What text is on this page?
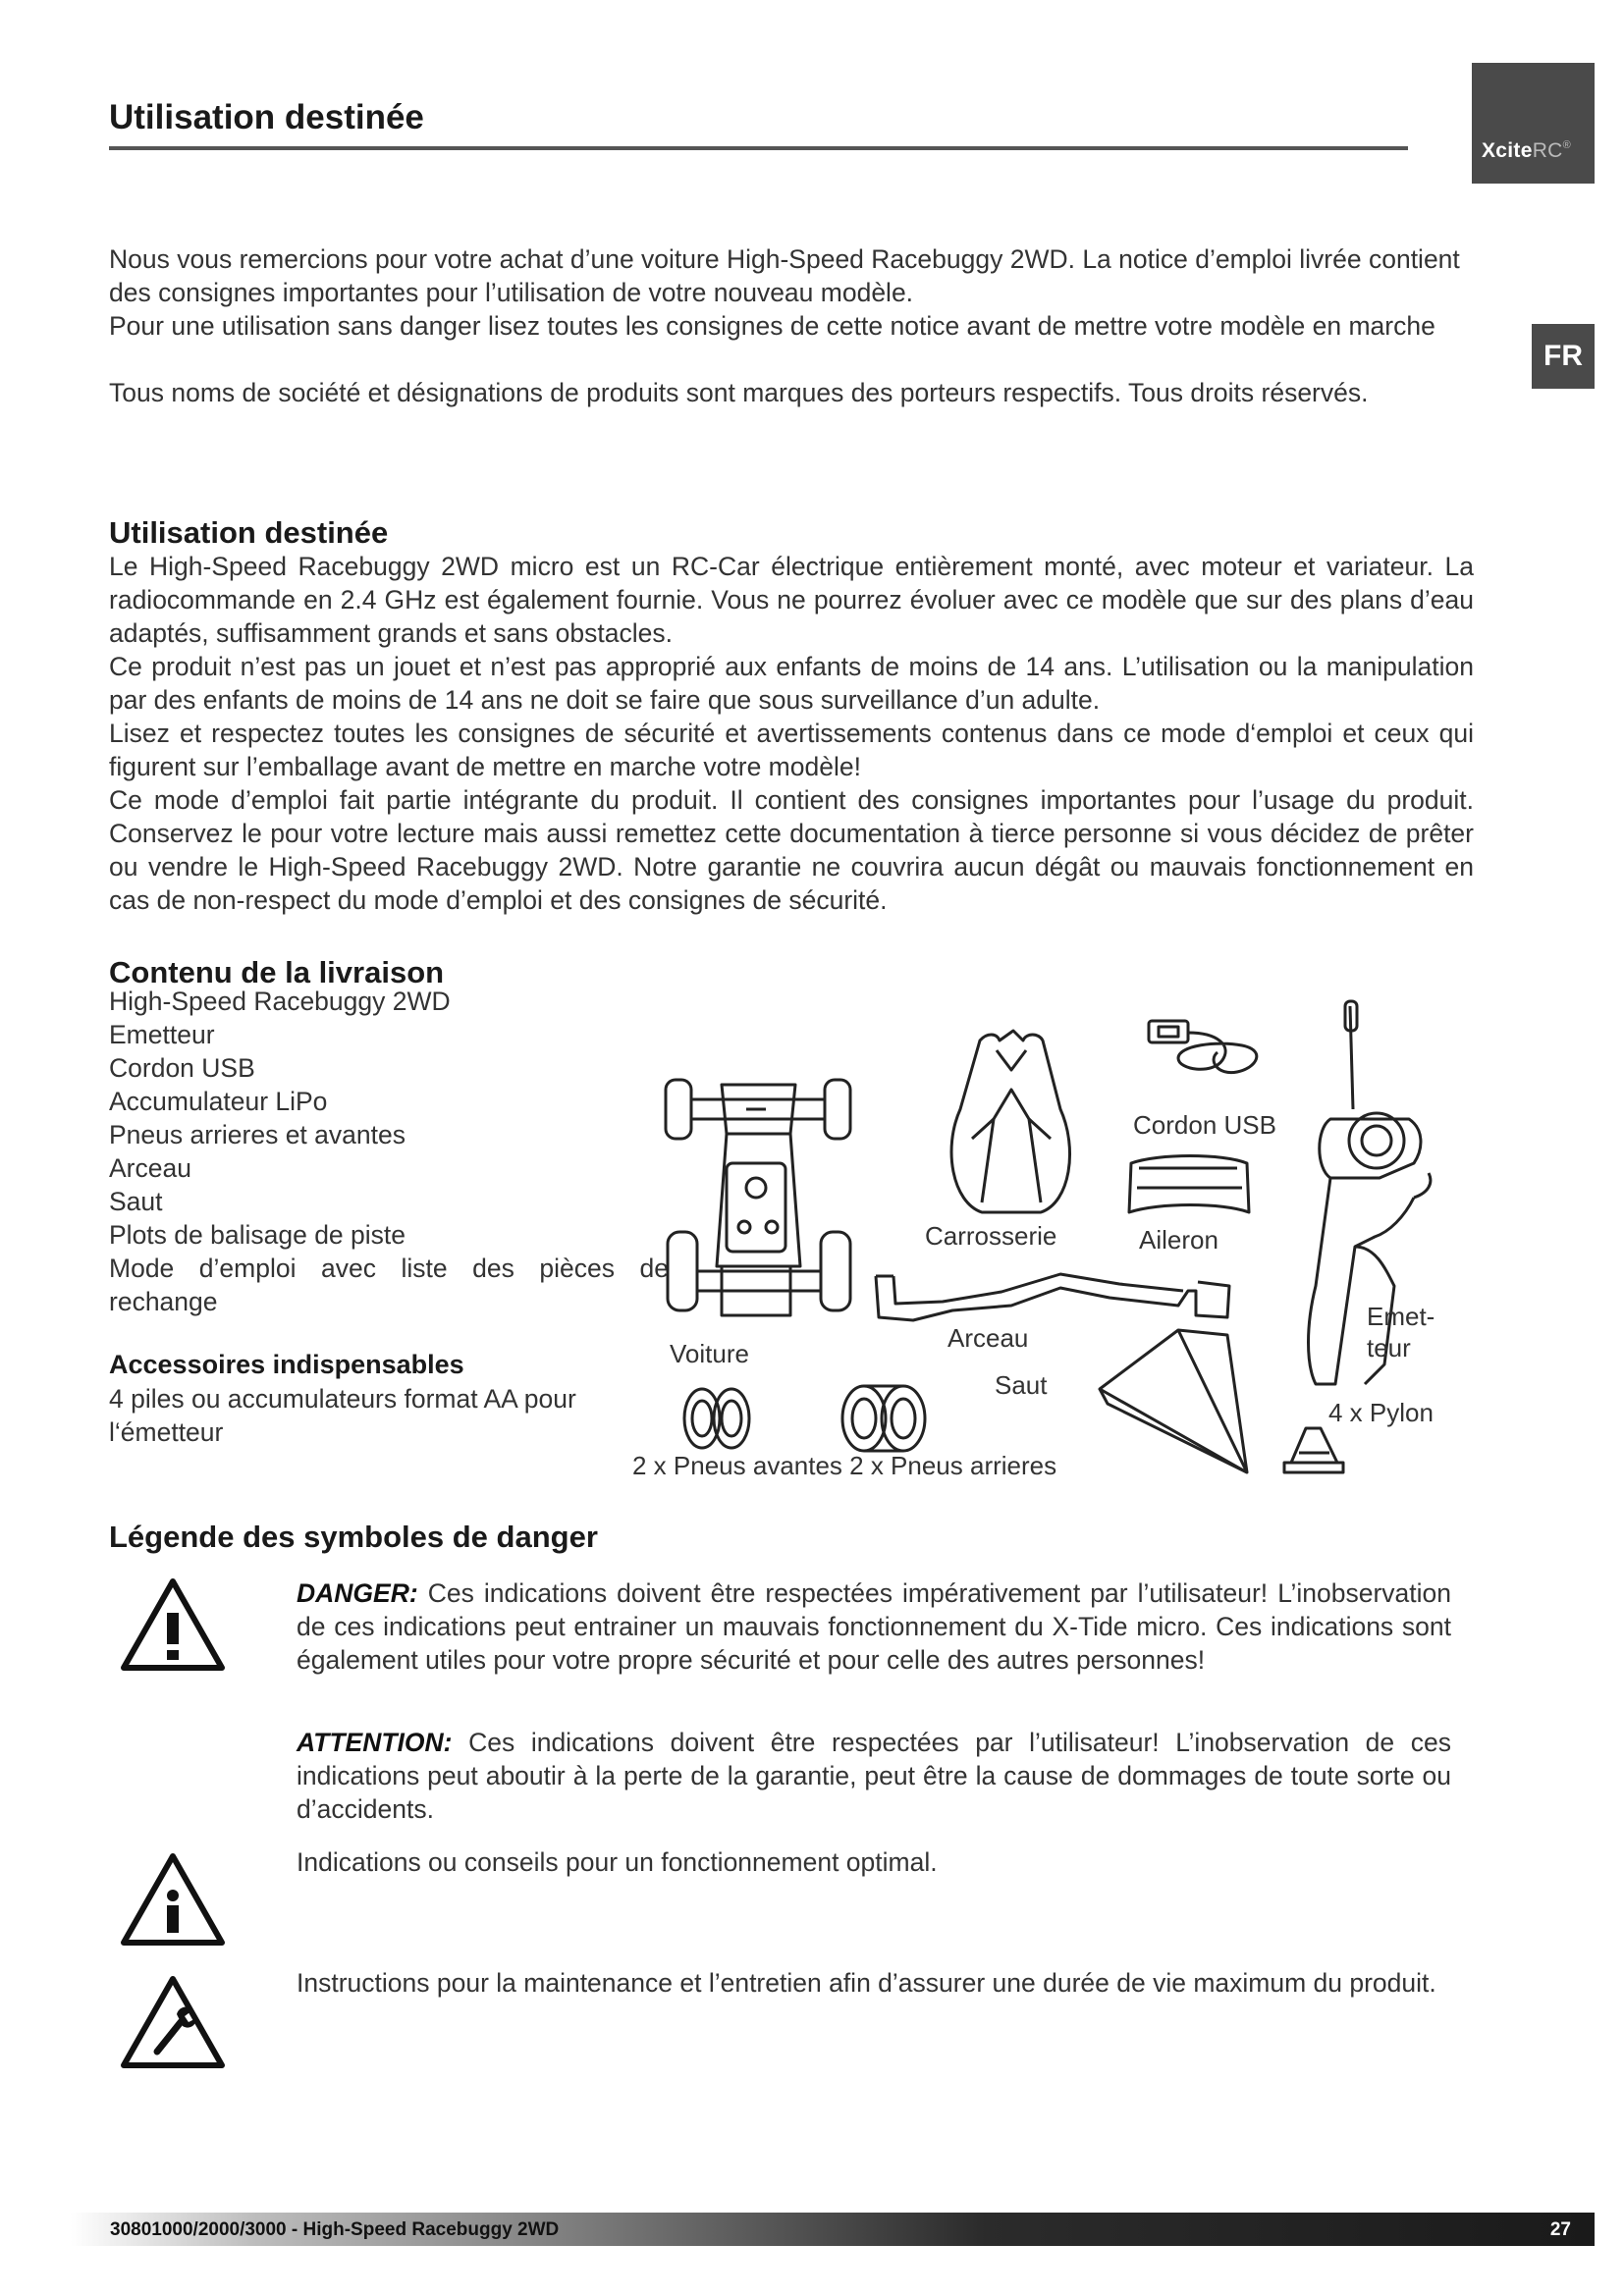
Utilisation destinée
XciteRC®
FR

Nous vous remercions pour votre achat d’une voiture High-Speed Racebuggy 2WD. La notice d’emploi livrée contient des consignes importantes pour l’utilisation de votre nouveau modèle.

Pour une utilisation sans danger lisez toutes les consignes de cette notice avant de mettre votre modèle en marche

Tous noms de société et désignations de produits sont marques des porteurs respectifs. Tous droits réservés.

Utilisation destinée

Le High-Speed Racebuggy 2WD micro est un RC-Car électrique entièrement monté, avec moteur et variateur. La radiocommande en 2.4 GHz est également fournie. Vous ne pourrez évoluer avec ce modèle que sur des plans d’eau adaptés, suffisamment grands et sans obstacles.

Ce produit n’est pas un jouet et n’est pas approprié aux enfants de moins de 14 ans. L’utilisation ou la manipulation par des enfants de moins de 14 ans ne doit se faire que sous surveillance d’un adulte.

Lisez et respectez toutes les consignes de sécurité et avertissements contenus dans ce mode d‘emploi et ceux qui figurent sur l’emballage avant de mettre en marche votre modèle!

Ce mode d’emploi fait partie intégrante du produit. Il contient des consignes importantes pour l’usage du produit. Conservez le pour votre lecture mais aussi remettez cette documentation à tierce personne si vous décidez de prêter ou vendre le High-Speed Racebuggy 2WD. Notre garantie ne couvrira aucun dégât ou mauvais fonctionnement en cas de non-respect du mode d’emploi et des consignes de sécurité.

Contenu de la livraison
High-Speed Racebuggy 2WD
Emetteur
Cordon USB
Accumulateur LiPo
Pneus arrieres et avantes
Arceau
Saut
Plots de balisage de piste
Mode d’emploi avec liste des pièces de rechange
Accessoires indispensables
4 piles ou accumulateurs format AA pour l‘émetteur
Voiture
Carrosserie
Cordon USB
Aileron
Arceau
Saut
Emet-
teur
4 x Pylon
2 x Pneus avantes 2 x Pneus arrieres
Légende des symboles de danger
DANGER: Ces indications doivent être respectées impérativement par l’utilisateur! L’inobservation de ces indications peut entrainer un mauvais fonctionnement du X-Tide micro. Ces indications sont également utiles pour votre propre sécurité et pour celle des autres personnes!
ATTENTION: Ces indications doivent être respectées par l’utilisateur! L’inobservation de ces indications peut aboutir à la perte de la garantie, peut être la cause de dommages de toute sorte ou d’accidents.
Indications ou conseils pour un fonctionnement optimal.
Instructions pour la maintenance et l’entretien afin d’assurer une durée de vie maximum du produit.
30801000/2000/3000 - High-Speed Racebuggy 2WD	27
